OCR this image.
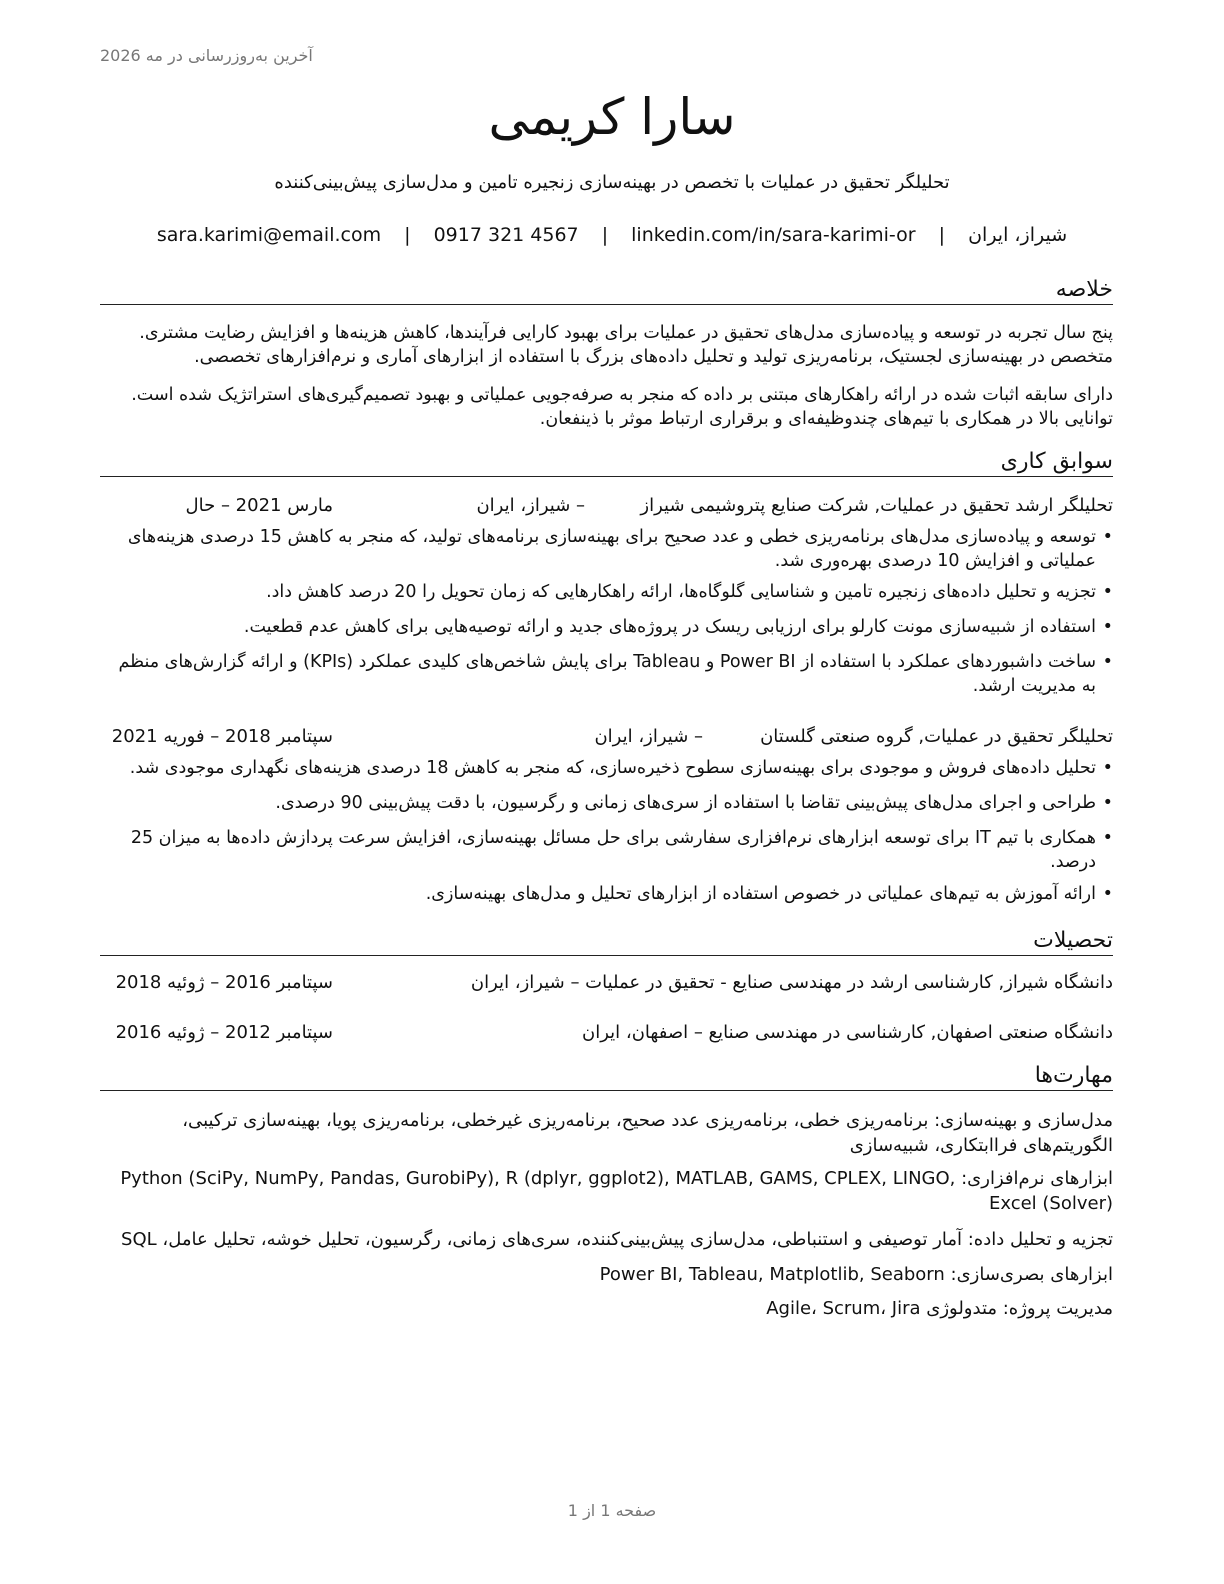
آخرین به‌روزرسانی در مه 2026
سارا کریمی
تحلیلگر تحقیق در عملیات با تخصص در بهینه‌سازی زنجیره تامین و مدل‌سازی پیش‌بینی‌کننده
شیراز، ایران | sara.karimi@email.com | 0917 321 4567 | linkedin.com/in/sara-karimi-or
خلاصه

پنج سال تجربه در توسعه و پیاده‌سازی مدل‌های تحقیق در عملیات برای بهبود کارایی فرآیندها، کاهش هزینه‌ها و افزایش رضایت مشتری. متخصص در بهینه‌سازی لجستیک، برنامه‌ریزی تولید و تحلیل داده‌های بزرگ با استفاده از ابزارهای آماری و نرم‌افزارهای تخصصی.

دارای سابقه اثبات شده در ارائه راهکارهای مبتنی بر داده که منجر به صرفه‌جویی عملیاتی و بهبود تصمیم‌گیری‌های استراتژیک شده است. توانایی بالا در همکاری با تیم‌های چندوظیفه‌ای و برقراری ارتباط موثر با ذینفعان.

سوابق کاری
تحلیلگر ارشد تحقیق در عملیات, شرکت صنایع پتروشیمی شیراز
– شیراز، ایران
مارس 2021 – حال
•
توسعه و پیاده‌سازی مدل‌های برنامه‌ریزی خطی و عدد صحیح برای بهینه‌سازی برنامه‌های تولید، که منجر به کاهش 15 درصدی هزینه‌های عملیاتی و افزایش 10 درصدی بهره‌وری شد.
•
تجزیه و تحلیل داده‌های زنجیره تامین و شناسایی گلوگاه‌ها، ارائه راهکارهایی که زمان تحویل را 20 درصد کاهش داد.
•
استفاده از شبیه‌سازی مونت کارلو برای ارزیابی ریسک در پروژه‌های جدید و ارائه توصیه‌هایی برای کاهش عدم قطعیت.
•
ساخت داشبوردهای عملکرد با استفاده از Power BI و Tableau برای پایش شاخص‌های کلیدی عملکرد (KPIs) و ارائه گزارش‌های منظم به مدیریت ارشد.
تحلیلگر تحقیق در عملیات, گروه صنعتی گلستان
– شیراز، ایران
سپتامبر 2018 – فوریه 2021
•
تحلیل داده‌های فروش و موجودی برای بهینه‌سازی سطوح ذخیره‌سازی، که منجر به کاهش 18 درصدی هزینه‌های نگهداری موجودی شد.
•
طراحی و اجرای مدل‌های پیش‌بینی تقاضا با استفاده از سری‌های زمانی و رگرسیون، با دقت پیش‌بینی 90 درصدی.
•
همکاری با تیم IT برای توسعه ابزارهای نرم‌افزاری سفارشی برای حل مسائل بهینه‌سازی، افزایش سرعت پردازش داده‌ها به میزان 25 درصد.
•
ارائه آموزش به تیم‌های عملیاتی در خصوص استفاده از ابزارهای تحلیل و مدل‌های بهینه‌سازی.
تحصیلات
دانشگاه شیراز, کارشناسی ارشد در مهندسی صنایع - تحقیق در عملیات – شیراز، ایران
سپتامبر 2016 – ژوئیه 2018
دانشگاه صنعتی اصفهان, کارشناسی در مهندسی صنایع – اصفهان، ایران
سپتامبر 2012 – ژوئیه 2016
مهارت‌ها
مدل‌سازی و بهینه‌سازی: برنامه‌ریزی خطی، برنامه‌ریزی عدد صحیح، برنامه‌ریزی غیرخطی، برنامه‌ریزی پویا، بهینه‌سازی ترکیبی، الگوریتم‌های فراابتکاری، شبیه‌سازی
ابزارهای نرم‌افزاری: Python (SciPy, NumPy, Pandas, GurobiPy), R (dplyr, ggplot2), MATLAB, GAMS, CPLEX, LINGO, Excel (Solver)
تجزیه و تحلیل داده: آمار توصیفی و استنباطی، مدل‌سازی پیش‌بینی‌کننده، سری‌های زمانی، رگرسیون، تحلیل خوشه، تحلیل عامل، SQL
ابزارهای بصری‌سازی: Power BI, Tableau, Matplotlib, Seaborn
مدیریت پروژه: متدولوژی Agile، Scrum، Jira
صفحه 1 از 1
